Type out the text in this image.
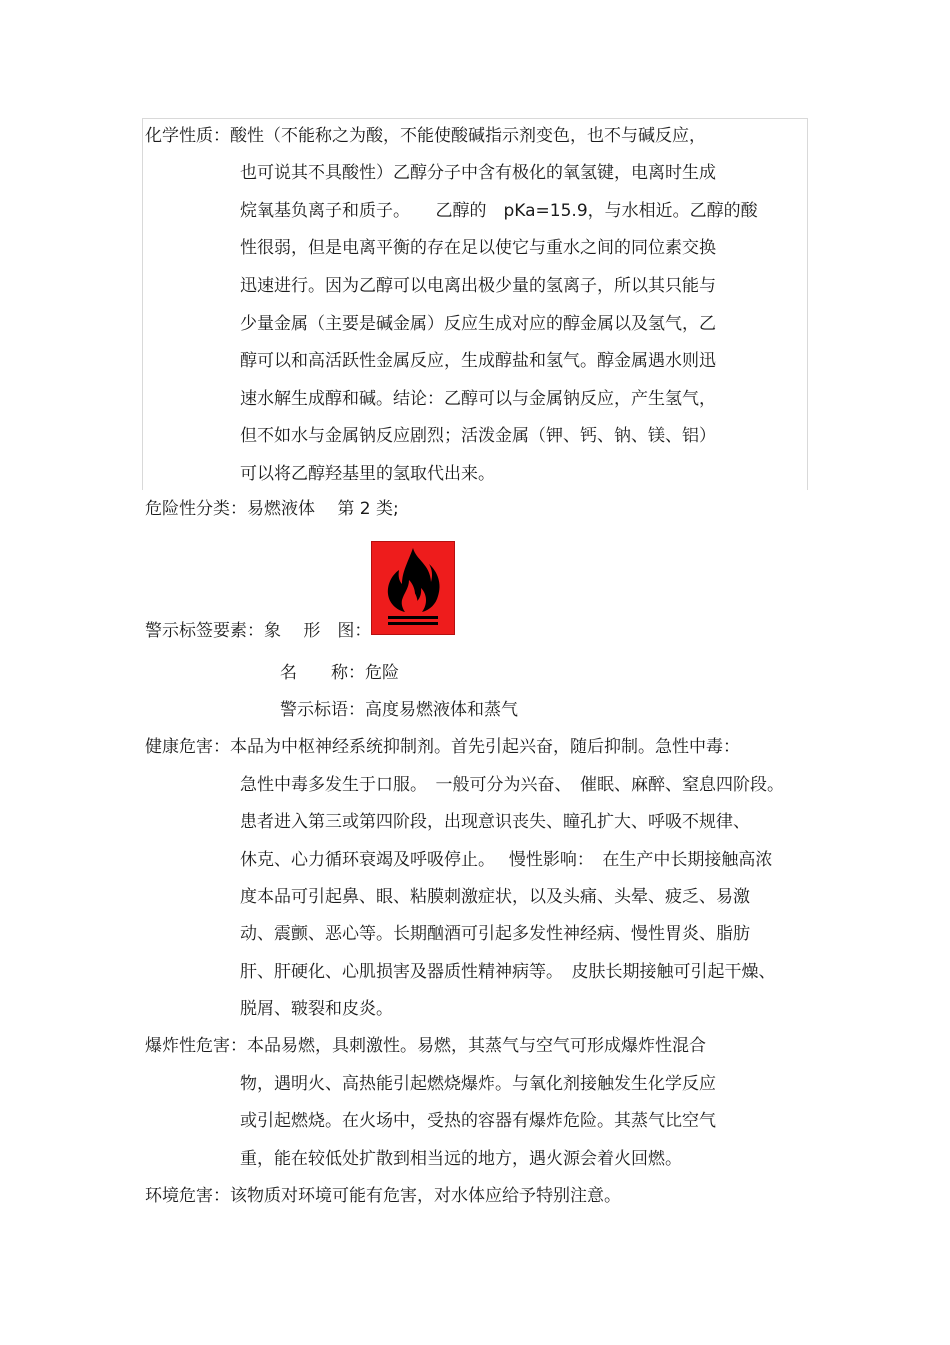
化学性质：酸性（不能称之为酸，不能使酸碱指示剂变色，也不与碱反应，
也可说其不具酸性）乙醇分子中含有极化的氧氢键，电离时生成
烷氧基负离子和质子。　　乙醇的　pKa=15.9，与水相近。乙醇的酸
性很弱，但是电离平衡的存在足以使它与重水之间的同位素交换
迅速进行。因为乙醇可以电离出极少量的氢离子，所以其只能与
少量金属（主要是碱金属）反应生成对应的醇金属以及氢气，乙
醇可以和高活跃性金属反应，生成醇盐和氢气。醇金属遇水则迅
速水解生成醇和碱。结论：乙醇可以与金属钠反应，产生氢气，
但不如水与金属钠反应剧烈；活泼金属（钾、钙、钠、镁、铝）
可以将乙醇羟基里的氢取代出来。
危险性分类：易燃液体　 第 2 类;
警示标签要素：象　 形　图：
名　　称：危险
警示标语：高度易燃液体和蒸气
健康危害：本品为中枢神经系统抑制剂。首先引起兴奋，随后抑制。急性中毒：
急性中毒多发生于口服。　一般可分为兴奋、　催眠、麻醉、窒息四阶段。
患者进入第三或第四阶段，出现意识丧失、瞳孔扩大、呼吸不规律、
休克、心力循环衰竭及呼吸停止。　 慢性影响：　在生产中长期接触高浓
度本品可引起鼻、眼、粘膜刺激症状，以及头痛、头晕、疲乏、易激
动、震颤、恶心等。长期酗酒可引起多发性神经病、慢性胃炎、脂肪
肝、肝硬化、心肌损害及器质性精神病等。　皮肤长期接触可引起干燥、
脱屑、皲裂和皮炎。
爆炸性危害：本品易燃，具刺激性。易燃，其蒸气与空气可形成爆炸性混合
物，遇明火、高热能引起燃烧爆炸。与氧化剂接触发生化学反应
或引起燃烧。在火场中，受热的容器有爆炸危险。其蒸气比空气
重，能在较低处扩散到相当远的地方，遇火源会着火回燃。
环境危害：该物质对环境可能有危害，对水体应给予特别注意。
